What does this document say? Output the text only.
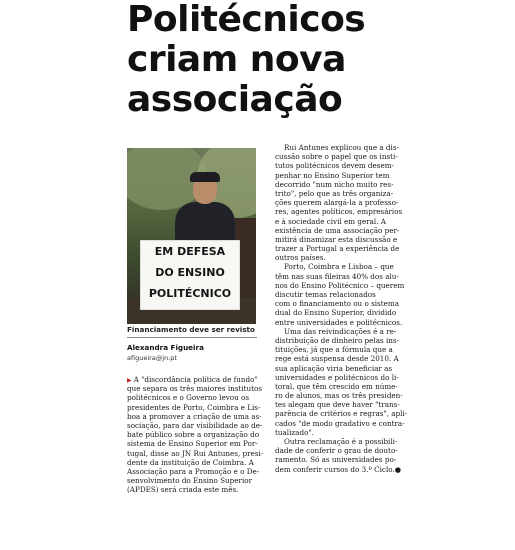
Politécnicos
criam nova
associação
EM DEFESA
DO ENSINO
POLITÉCNICO
Financiamento deve ser revisto
Alexandra Figueira
afigueira@jn.pt
▶ A "discordância política de fundo"
que separa os três maiores institutos
politécnicos e o Governo levou os
presidentes de Porto, Coimbra e Lis-
boa a promover a criação de uma as-
sociação, para dar visibilidade ao de-
bate público sobre a organização do
sistema de Ensino Superior em Por-
tugal, disse ao JN Rui Antunes, presi-
dente da instituição de Coimbra. A
Associação para a Promoção e o De-
senvolvimento do Ensino Superior
(APDES) será criada este mês.
Rui Antunes explicou que a dis-
cussão sobre o papel que os insti-
tutos politécnicos devem desem-
penhar no Ensino Superior tem
decorrido "num nicho muito res-
trito", pelo que as três organiza-
ções querem alargá-la a professo-
res, agentes políticos, empresários
e à sociedade civil em geral. A
existência de uma associação per-
mitirá dinamizar esta discussão e
trazer a Portugal a experiência de
outros países.
Porto, Coimbra e Lisboa – que
têm nas suas fileiras 40% dos alu-
nos do Ensino Politécnico – querem
discutir temas relacionados
com o financiamento ou o sistema
dual do Ensino Superior, dividido
entre universidades e politécnicos.
Uma das reivindicações é a re-
distribuição de dinheiro pelas ins-
tituições, já que a fórmula que a
rege está suspensa desde 2010. A
sua aplicação viria beneficiar as
universidades e politécnicos do li-
toral, que têm crescido em núme-
ro de alunos, mas os três presiden-
tes alegam que deve haver "trans-
parência de critérios e regras", apli-
cados "de modo gradativo e contra-
tualizado".
Outra reclamação é a possibili-
dade de conferir o grau de douto-
ramento. Só as universidades po-
dem conferir cursos do 3.º Ciclo.●
